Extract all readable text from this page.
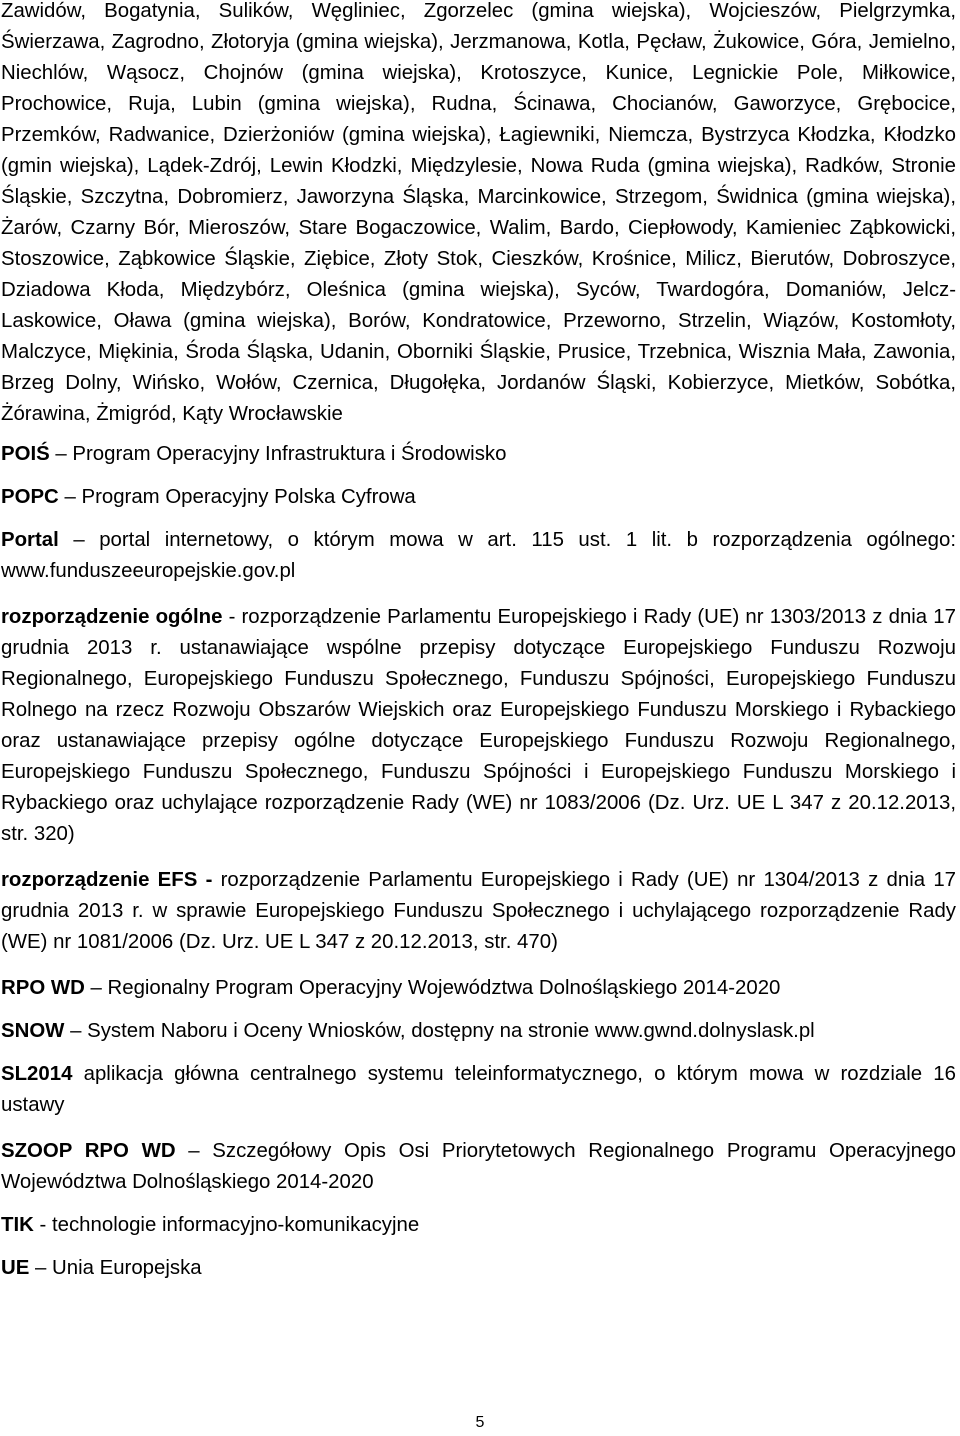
Zawidów, Bogatynia, Sulików, Węgliniec, Zgorzelec (gmina wiejska), Wojcieszów, Pielgrzymka, Świerzawa, Zagrodno, Złotoryja (gmina wiejska), Jerzmanowa, Kotla, Pęcław, Żukowice, Góra, Jemielno, Niechlów, Wąsocz, Chojnów (gmina wiejska), Krotoszyce, Kunice, Legnickie Pole, Miłkowice, Prochowice, Ruja, Lubin (gmina wiejska), Rudna, Ścinawa, Chocianów, Gaworzyce, Grębocice, Przemków, Radwanice, Dzierżoniów (gmina wiejska), Łagiewniki, Niemcza, Bystrzyca Kłodzka, Kłodzko (gmin wiejska), Lądek-Zdrój, Lewin Kłodzki, Międzylesie, Nowa Ruda (gmina wiejska), Radków, Stronie Śląskie, Szczytna, Dobromierz, Jaworzyna Śląska, Marcinkowice, Strzegom, Świdnica (gmina wiejska), Żarów, Czarny Bór, Mieroszów, Stare Bogaczowice, Walim, Bardo, Ciepłowody, Kamieniec Ząbkowicki, Stoszowice, Ząbkowice Śląskie, Ziębice, Złoty Stok, Cieszków, Krośnice, Milicz, Bierutów, Dobroszyce, Dziadowa Kłoda, Międzybórz, Oleśnica (gmina wiejska), Syców, Twardogóra, Domaniów, Jelcz-Laskowice, Oława (gmina wiejska), Borów, Kondratowice, Przeworno, Strzelin, Wiązów, Kostomłoty, Malczyce, Miękinia, Środa Śląska, Udanin, Oborniki Śląskie, Prusice, Trzebnica, Wisznia Mała, Zawonia, Brzeg Dolny, Wińsko, Wołów, Czernica, Długołęka, Jordanów Śląski, Kobierzyce, Mietków, Sobótka, Żórawina, Żmigród, Kąty Wrocławskie

POIŚ – Program Operacyjny Infrastruktura i Środowisko

POPC – Program Operacyjny Polska Cyfrowa

Portal – portal internetowy, o którym mowa w art. 115 ust. 1 lit. b rozporządzenia ogólnego: www.funduszeeuropejskie.gov.pl

rozporządzenie ogólne - rozporządzenie Parlamentu Europejskiego i Rady (UE) nr 1303/2013 z dnia 17 grudnia 2013 r. ustanawiające wspólne przepisy dotyczące Europejskiego Funduszu Rozwoju Regionalnego, Europejskiego Funduszu Społecznego, Funduszu Spójności, Europejskiego Funduszu Rolnego na rzecz Rozwoju Obszarów Wiejskich oraz Europejskiego Funduszu Morskiego i Rybackiego oraz ustanawiające przepisy ogólne dotyczące Europejskiego Funduszu Rozwoju Regionalnego, Europejskiego Funduszu Społecznego, Funduszu Spójności i Europejskiego Funduszu Morskiego i Rybackiego oraz uchylające rozporządzenie Rady (WE) nr 1083/2006 (Dz. Urz. UE L 347 z 20.12.2013, str. 320)

rozporządzenie EFS - rozporządzenie Parlamentu Europejskiego i Rady (UE) nr 1304/2013 z dnia 17 grudnia 2013 r. w sprawie Europejskiego Funduszu Społecznego i uchylającego rozporządzenie Rady (WE) nr 1081/2006 (Dz. Urz. UE L 347 z 20.12.2013, str. 470)

RPO WD – Regionalny Program Operacyjny Województwa Dolnośląskiego 2014-2020

SNOW – System Naboru i Oceny Wniosków, dostępny na stronie www.gwnd.dolnyslask.pl

SL2014 aplikacja główna centralnego systemu teleinformatycznego, o którym mowa w rozdziale 16 ustawy

SZOOP RPO WD – Szczegółowy Opis Osi Priorytetowych Regionalnego Programu Operacyjnego Województwa Dolnośląskiego 2014-2020

TIK - technologie informacyjno-komunikacyjne

UE – Unia Europejska

5
